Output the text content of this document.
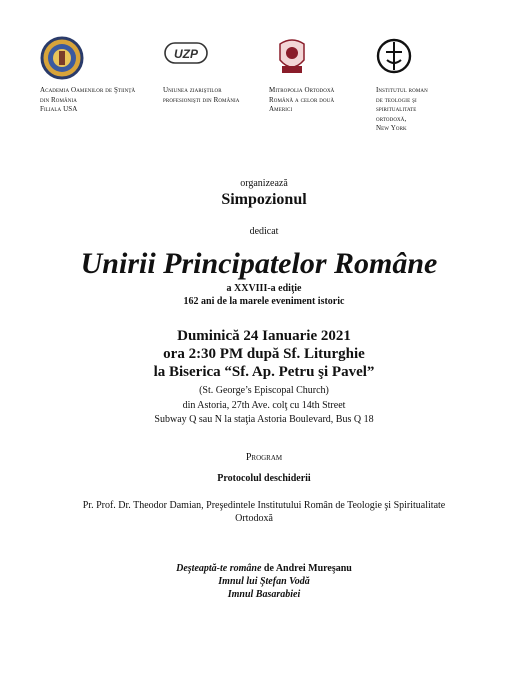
UZP
Academia Oamenilor de Ştiinţă
din România
Filiala USA
Uniunea ziariştilor
profesionişti din România
Mitropolia Ortodoxă
Română a celor două
Americi
Institutul roman
de teologie şi
spiritualitate
ortodoxă,
New York
organizează
Simpozionul
dedicat
Unirii Principatelor Române
a XXVIII-a ediţie
162 ani de la marele eveniment istoric
Duminică 24 Ianuarie 2021
ora 2:30 PM după Sf. Liturghie
la Biserica “Sf. Ap. Petru şi Pavel”
(St. George’s Episcopal Church)
din Astoria, 27th Ave. colţ cu 14th Street
Subway Q sau N la staţia Astoria Boulevard, Bus Q 18
Program
Protocolul deschiderii
Pr. Prof. Dr. Theodor Damian, Preşedintele Institutului Român de Teologie şi Spiritualitate
Ortodoxă
Deşteaptă-te române de Andrei Mureşanu
Imnul lui Ştefan Vodă
Imnul Basarabiei
